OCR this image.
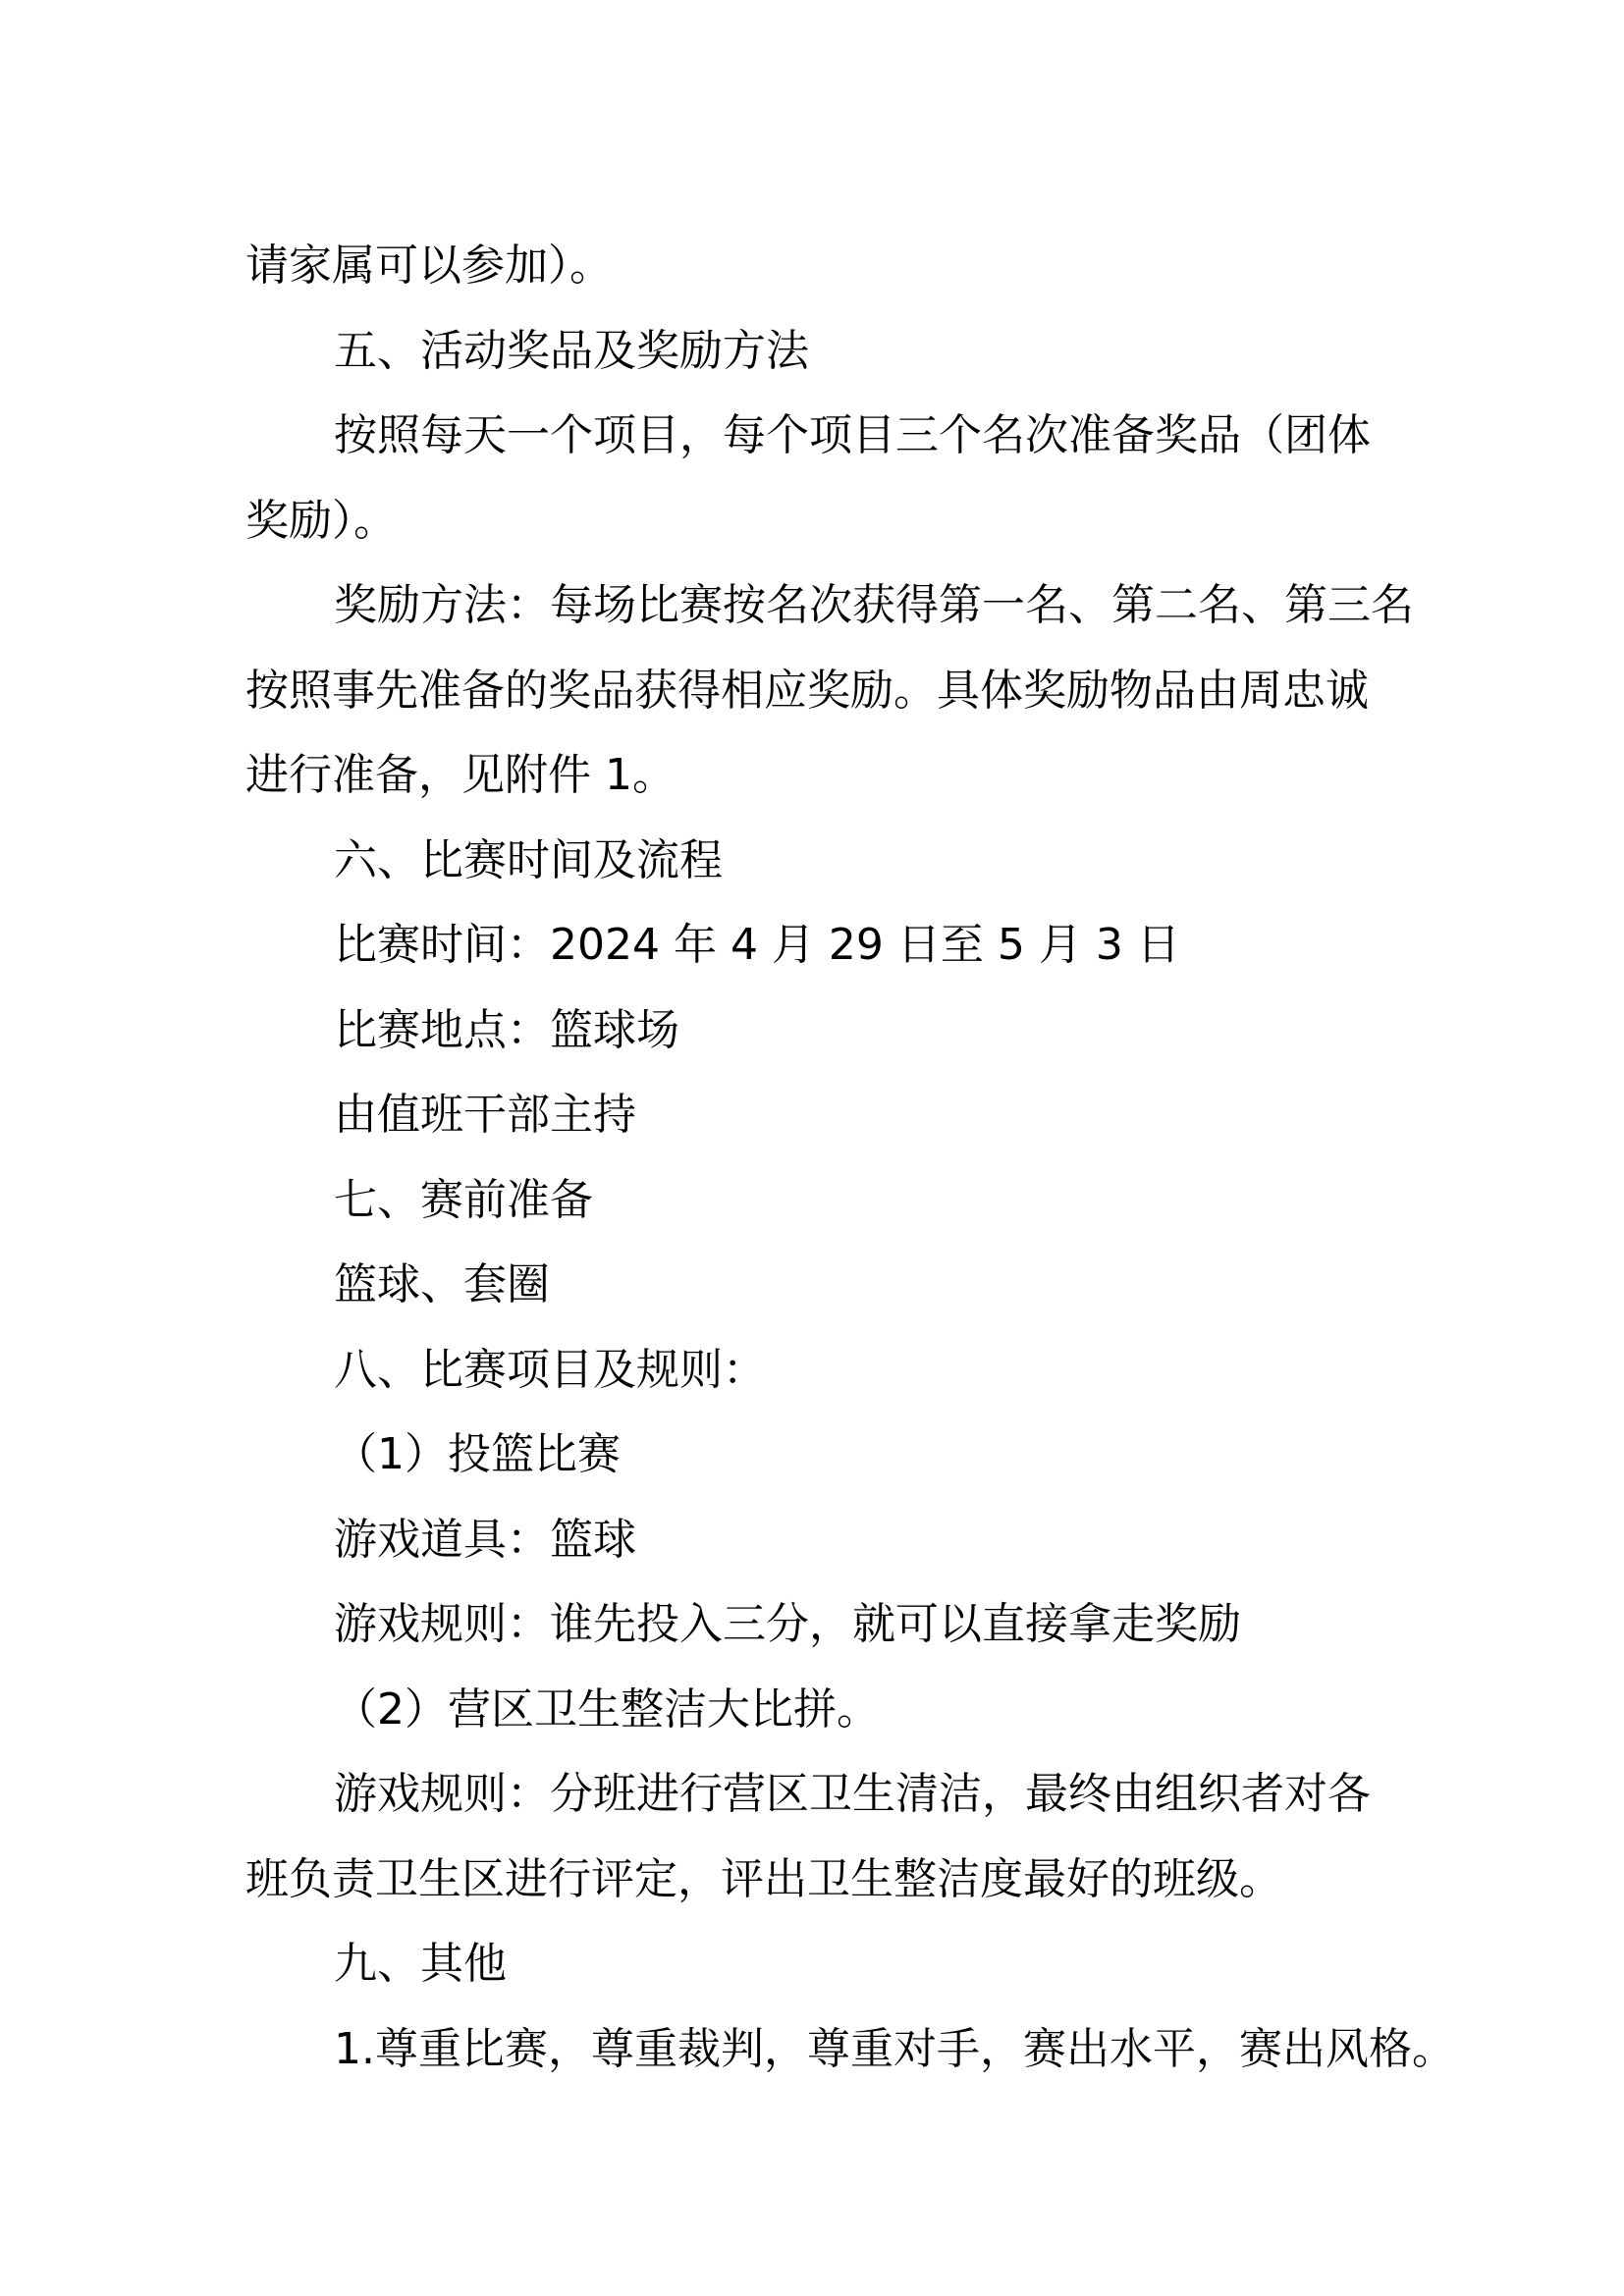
请家属可以参加）。
五、活动奖品及奖励方法
按照每天一个项目，每个项目三个名次准备奖品（团体
奖励）。
奖励方法：每场比赛按名次获得第一名、第二名、第三名
按照事先准备的奖品获得相应奖励。具体奖励物品由周忠诚
进行准备，见附件 1。
六、比赛时间及流程
比赛时间：2024 年 4 月 29 日至 5 月 3 日
比赛地点：篮球场
由值班干部主持
七、赛前准备
篮球、套圈
八、比赛项目及规则：
（1）投篮比赛
游戏道具：篮球
游戏规则：谁先投入三分，就可以直接拿走奖励
（2）营区卫生整洁大比拼。
游戏规则：分班进行营区卫生清洁，最终由组织者对各
班负责卫生区进行评定，评出卫生整洁度最好的班级。
九、其他
1.尊重比赛，尊重裁判，尊重对手，赛出水平，赛出风格。
